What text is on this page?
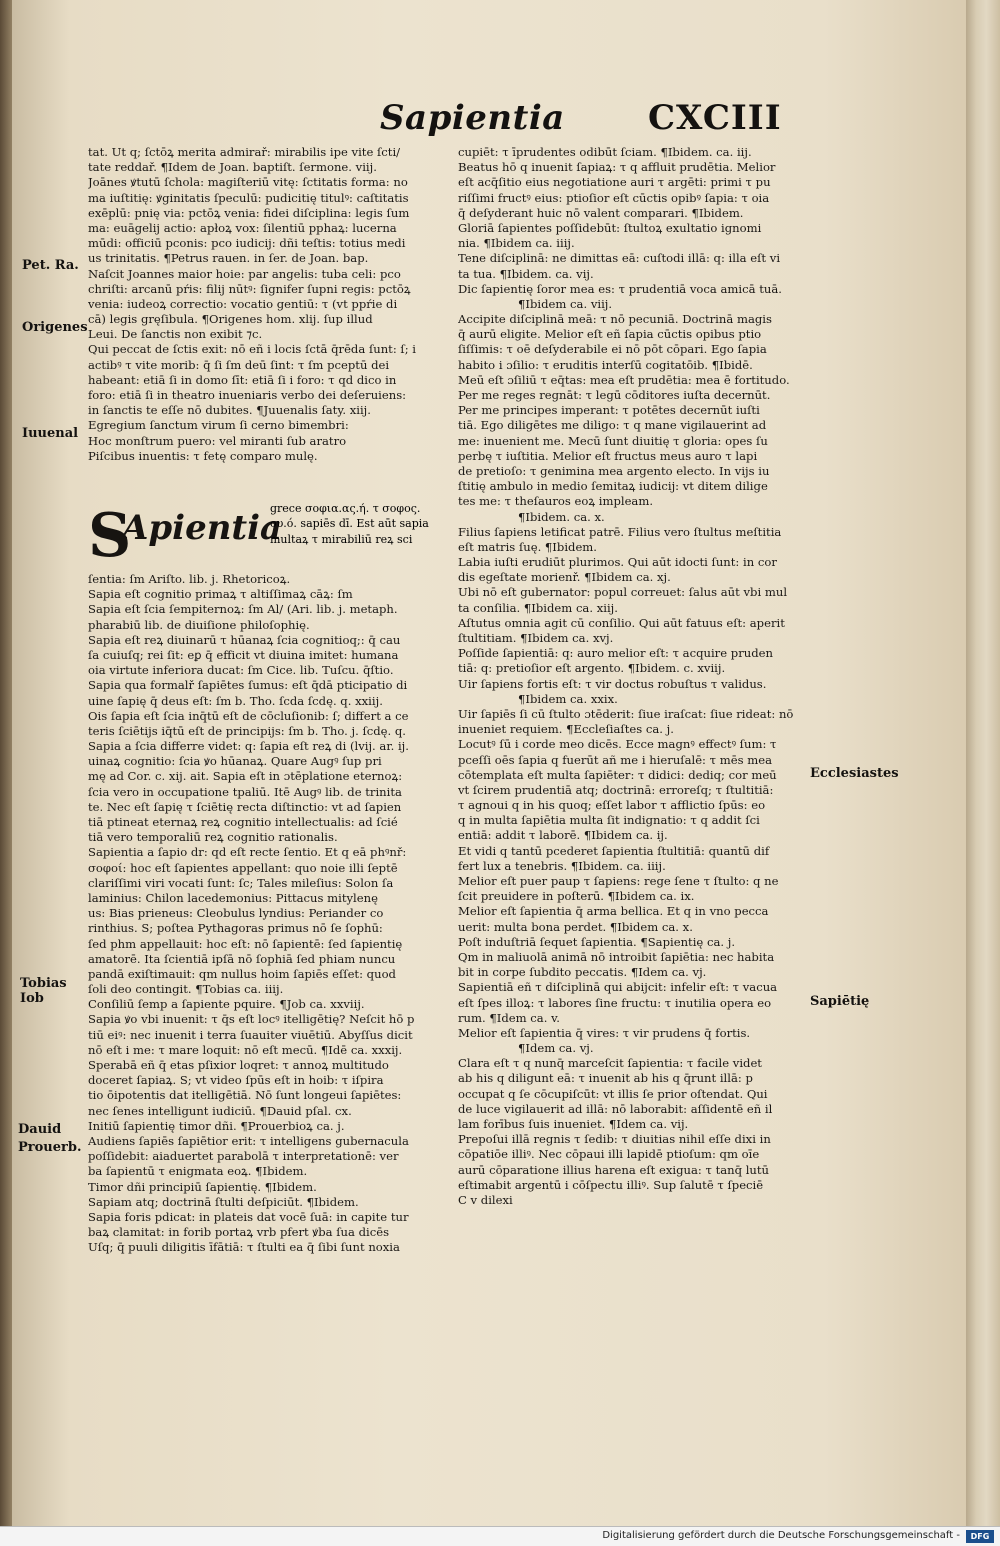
Sapientia CXCIII
Pet. Ra.
Origenes
Iuuenal
Tobias
Iob
Dauid
Prouerb.
Ecclesiastes
Sapiētię
tat. Ut q; ſctōꝝ merita admirař: mirabilis ipe vite ſcti/
tate reddař. ¶Idem de Joan. baptiſt. ſermone. viij.
Joānes ꝟtutū ſchola: magiſteriū vitę: ſctitatis forma: no
ma iuſtitię: ꝟginitatis ſpeculū: pudicitię titulꝰ: caſtitatis
exēplū: pnię via: pctōꝝ venia: fidei diſciplina: legis ſum
ma: euāgelij actio: apłoꝝ vox: ſilentiū pphaꝝ: lucerna
mūdi: officiū pconis: pco iudicij: dñi teſtis: totius medi
us trinitatis. ¶Petrus rauen. in ſer. de Joan. bap.
Naſcit Joannes maior hoie: par angelis: tuba celi: pco
chriſti: arcanū pŕis: filij nūtꝰ: ſignifer ſupni regis: pctōꝝ
venia: iudeoꝝ correctio: vocatio gentiū: τ (vt ppŕie di
cā) legis gręſibula. ¶Origenes hom. xlij. ſup illud
Leui. De ſanctis non exibit ⁊c.
Qui peccat de ſctis exit: nō eñ i locis ſctā q̄rēda ſunt: ſ; i
actibꝰ τ vite morib: q̄ ſi ſm deū ſint: τ ſm pceptū dei
habeant: etiā ſi in domo ſīt: etiā ſi i foro: τ qd dico in
foro: etiā ſi in theatro inueniaris verbo dei deſeruiens:
in ſanctis te eſſe nō dubites. ¶Juuenalis ſaty. xiij.
Egregium ſanctum virum ſi cerno bimembri:
Hoc monſtrum puero: vel miranti ſub aratro
Piſcibus inuentis: τ fetę comparo mulę.
S
Apientia
grece σοφια.ας.ή. τ σοφος.
ου.ό. sapiēs dī. Est aūt sapia
multaꝝ τ mirabiliū reꝝ sci
ſentia: ſm Ariſto. lib. j. Rhetoricoꝝ.
Sapia eſt cognitio primaꝝ τ altiſſimaꝝ cāꝝ: ſm
Sapia eſt ſcia ſempiternoꝝ: ſm Al/ (Ari. lib. j. metaph.
pharabiū lib. de diuiſione philoſophię.
Sapia eſt reꝝ diuinarū τ hūanaꝝ ſcia cognitioq;: q̄ cau
ſa cuiuſq; rei ſit: eꝑ q̄ efficit vt diuina imitet: humana
oia virtute inferiora ducat: ſm Cice. lib. Tuſcu. q̄ſtio.
Sapia qua formalř ſapiētes ſumus: eſt q̄dā pticipatio di
uine ſapię q̄ deus eſt: ſm b. Tho. ſcda ſcdę. q. xxiij.
Ois ſapia eſt ſcia inq̄tū eſt de cōcluſionib: ſ; differt a ce
teris ſciētijs iq̄tū eſt de principijs: ſm b. Tho. j. ſcdę. q.
Sapia a ſcia differre videt: q: ſapia eſt reꝝ di (lvij. ar. ij.
uinaꝝ cognitio: ſcia ꝟo hūanaꝝ. Quare Augꝰ ſup pri
mę ad Cor. c. xij. ait. Sapia eſt in ɔtēplatione eternoꝝ:
ſcia vero in occupatione tpaliū. Itē Augꝰ lib. de trinita
te. Nec eſt ſapię τ ſciētię recta diſtinctio: vt ad ſapien
tiā ptineat eternaꝝ reꝝ cognitio intellectualis: ad ſcié
tiā vero temporaliū reꝝ cognitio rationalis.
Sapientia a ſapio dr: qd eſt recte ſentio. Et q eā phꝰnř:
σοφοί: hoc eſt ſapientes appellant: quo noie illi ſeptē
clariſſimi viri vocati ſunt: ſc; Tales mileſius: Solon ſa
laminius: Chilon lacedemonius: Pittacus mitylenę
us: Bias prieneus: Cleobulus lyndius: Periander co
rinthius. S; poſtea Pythagoras primus nō ſe ſophū:
ſed phm appellauit: hoc eſt: nō ſapientē: ſed ſapientię
amatorē. Ita ſcientiā ipſā nō ſophiā ſed phiam nuncu
pandā exiſtimauit: qm nullus hoim ſapiēs eſſet: quod
ſoli deo contingit. ¶Tobias ca. iiij.
Conſiliū ſemp a ſapiente pquire. ¶Job ca. xxviij.
Sapia ꝟo vbi inuenit: τ q̄s eſt locꝰ itelligētię? Neſcit hō p
tiū eiꝰ: nec inuenit i terra ſuauiter viuētiū. Abyſſus dicit
nō eſt i me: τ mare loquit: nō eſt mecū. ¶Idē ca. xxxij.
Sperabā eñ q̄ etas pſixior loqret: τ annoꝝ multitudo
doceret ſapiaꝝ. S; vt video ſpūs eſt in hoib: τ iſpira
tio ōipotentis dat itelligētiā. Nō ſunt longeui ſapiētes:
nec ſenes intelligunt iudiciū. ¶Dauid pſal. cx.
Initiū ſapientię timor dñi. ¶Prouerbioꝝ ca. j.
Audiens ſapiēs ſapiētior erit: τ intelligens gubernacula
poſſidebit: aiaduertet parabolā τ interpretationē: ver
ba ſapientū τ enigmata eoꝝ. ¶Ibidem.
Timor dñi principiū ſapientię. ¶Ibidem.
Sapiam atq; doctrinā ſtulti deſpiciūt. ¶Ibidem.
Sapia foris pdicat: in plateis dat vocē ſuā: in capite tur
baꝝ clamitat: in forib portaꝝ vrb pfert ꝟba ſua dicēs
Uſq; q̄ puuli diligitis īfātiā: τ ſtulti ea q̄ ſibi ſunt noxia
cupiēt: τ īprudentes odibūt ſciam. ¶Ibidem. ca. iij.
Beatus hō q inuenit ſapiaꝝ: τ q affluit prudētia. Melior
eſt acq̄ſitio eius negotiatione auri τ argēti: primi τ pu
riſſimi fructꝰ eius: ptioſior eſt cūctis opibꝰ ſapia: τ oia
q̄ deſyderant huic nō valent comparari. ¶Ibidem.
Gloriā ſapientes poſſidebūt: ſtultoꝝ exultatio ignomi
nia. ¶Ibidem ca. iiij.
Tene diſciplinā: ne dimittas eā: cuſtodi illā: q: illa eſt vi
ta tua. ¶Ibidem. ca. vij.
Dic ſapientię ſoror mea es: τ prudentiā voca amicā tuā.
¶Ibidem ca. viij.
Accipite diſciplinā meā: τ nō pecuniā. Doctrinā magis
q̄ aurū eligite. Melior eſt eñ ſapia cūctis opibus ptio
ſiſſimis: τ oē deſyderabile ei nō pōt cōpari. Ego ſapia
habito i ɔſilio: τ eruditis interſū cogitatōib. ¶Ibidē.
Meū eſt ɔſiliū τ eq̄tas: mea eſt prudētia: mea ē fortitudo.
Per me reges regnāt: τ legū cōditores iuſta decernūt.
Per me principes imperant: τ potētes decernūt iuſti
tiā. Ego diligētes me diligo: τ q mane vigilauerint ad
me: inuenient me. Mecū ſunt diuitię τ gloria: opes ſu
perbę τ iuſtitia. Melior eſt fructus meus auro τ lapi
de pretioſo: τ genimina mea argento electo. In vijs iu
ſtitię ambulo in medio ſemitaꝝ iudicij: vt ditem dilige
tes me: τ theſauros eoꝝ impleam.
¶Ibidem. ca. x.
Filius ſapiens letificat patrē. Filius vero ſtultus meſtitia
eſt matris ſuę. ¶Ibidem.
Labia iuſti erudiūt plurimos. Qui aūt idocti ſunt: in cor
dis egeſtate morienř. ¶Ibidem ca. xj.
Ubi nō eſt gubernator: popul correuet: ſalus aūt vbi mul
ta conſilia. ¶Ibidem ca. xiij.
Aſtutus omnia agit cū conſilio. Qui aūt fatuus eſt: aperit
ſtultitiam. ¶Ibidem ca. xvj.
Poſſide ſapientiā: q: auro melior eſt: τ acquire pruden
tiā: q: pretioſior eſt argento. ¶Ibidem. c. xviij.
Uir ſapiens fortis eſt: τ vir doctus robuſtus τ validus.
¶Ibidem ca. xxix.
Uir ſapiēs ſi cū ſtulto ɔtēderit: ſiue iraſcat: ſiue rideat: nō
inueniet requiem. ¶Eccleſiaſtes ca. j.
Locutꝰ ſū i corde meo dicēs. Ecce magnꝰ effectꝰ ſum: τ
pceſſi oēs ſapia q fuerūt añ me i hieruſalē: τ mēs mea
cōtemplata eſt multa ſapiēter: τ didici: dediq; cor meū
vt ſcirem prudentiā atq; doctrinā: erroreſq; τ ſtultitiā:
τ agnoui q in his quoq; eſſet labor τ afflictio ſpūs: eo
q in multa ſapiētia multa ſit indignatio: τ q addit ſci
entiā: addit τ laborē. ¶Ibidem ca. ij.
Et vidi q tantū pcederet ſapientia ſtultitiā: quantū dif
fert lux a tenebris. ¶Ibidem. ca. iiij.
Melior eſt puer paup τ ſapiens: rege ſene τ ſtulto: q ne
ſcit preuidere in poſterū. ¶Ibidem ca. ix.
Melior eſt ſapientia q̄ arma bellica. Et q in vno pecca
uerit: multa bona perdet. ¶Ibidem ca. x.
Poſt induſtriā ſequet ſapientia. ¶Sapientię ca. j.
Qm in maliuolā animā nō introibit ſapiētia: nec habita
bit in corpe ſubdito peccatis. ¶Idem ca. vj.
Sapientiā eñ τ diſciplinā qui abijcit: infelir eſt: τ vacua
eſt ſpes illoꝝ: τ labores ſine fructu: τ inutilia opera eo
rum. ¶Idem ca. v.
Melior eſt ſapientia q̄ vires: τ vir prudens q̄ fortis.
¶Idem ca. vj.
Clara eſt τ q nunq̄ marceſcit ſapientia: τ facile videt
ab his q diligunt eā: τ inuenit ab his q q̄runt illā: p
occupat q ſe cōcupiſcūt: vt illis ſe prior oſtendat. Qui
de luce vigilauerit ad illā: nō laborabit: aſſidentē eñ il
lam forībus ſuis inueniet. ¶Idem ca. vij.
Prepoſui illā regnis τ ſedib: τ diuitias nihil eſſe dixi in
cōpatiōe illiꝰ. Nec cōpaui illi lapidē ptioſum: qm oīe
aurū cōparatione illius harena eſt exigua: τ tanq̄ lutū
eſtimabit argentū i cōſpectu illiꝰ. Sup ſalutē τ ſpeciē
C v dilexi
Digitalisierung gefördert durch die Deutsche Forschungsgemeinschaft -	DFG
